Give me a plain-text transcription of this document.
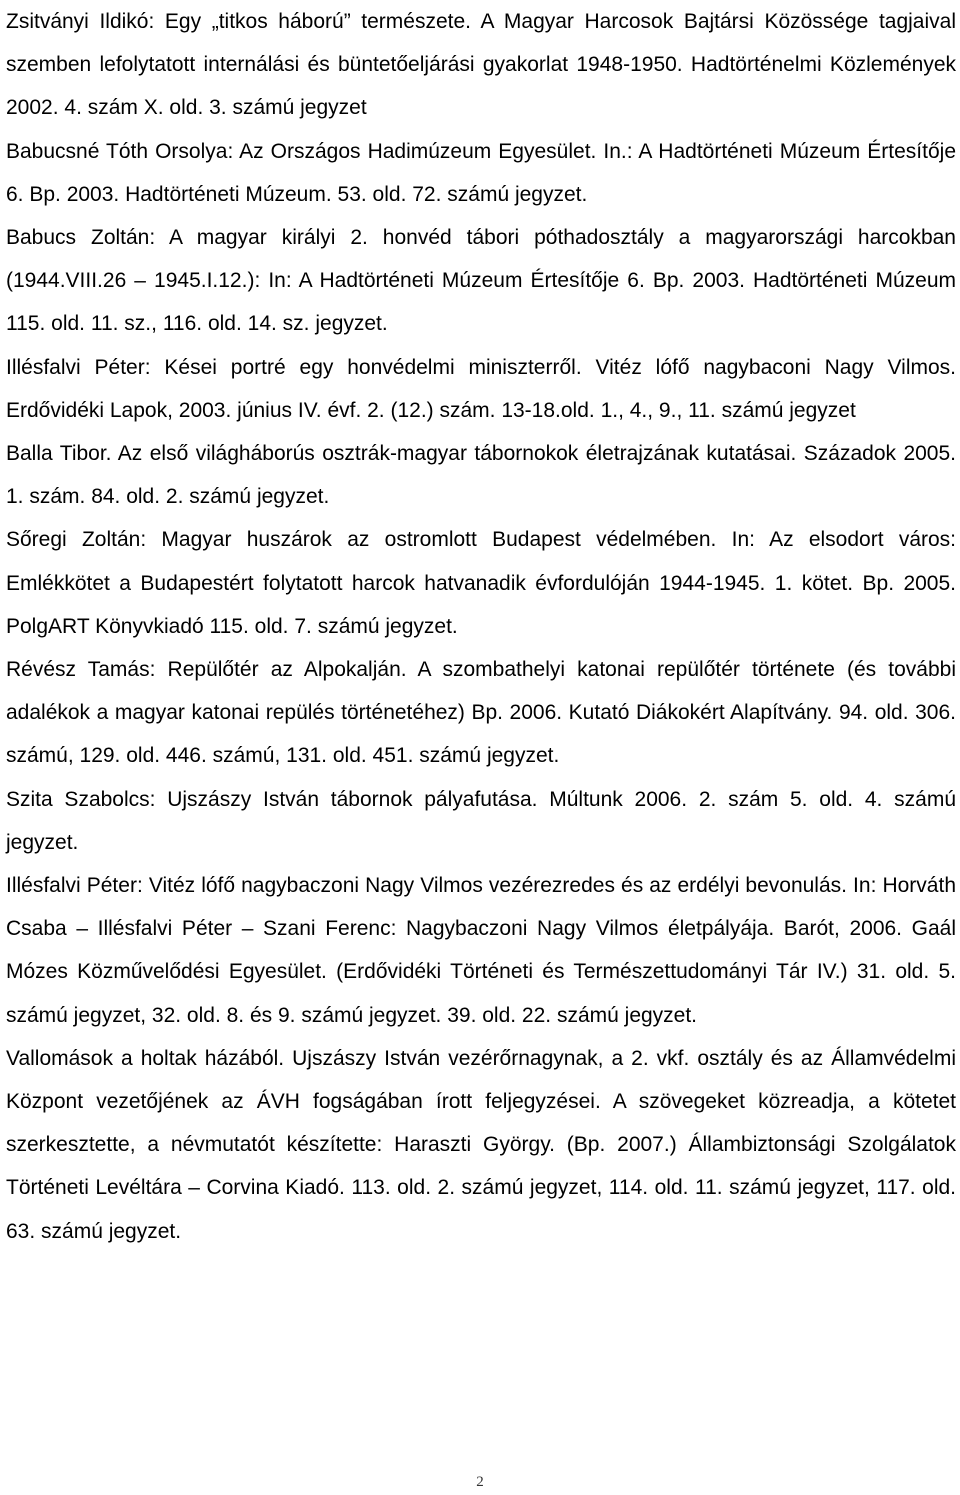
Zsitványi Ildikó: Egy „titkos háború” természete. A Magyar Harcosok Bajtársi Közössége tagjaival szemben lefolytatott internálási és büntetőeljárási gyakorlat 1948-1950. Hadtörténelmi Közlemények 2002. 4. szám X. old. 3. számú jegyzet

Babucsné Tóth Orsolya: Az Országos Hadimúzeum Egyesület. In.: A Hadtörténeti Múzeum Értesítője 6. Bp. 2003. Hadtörténeti Múzeum. 53. old. 72. számú jegyzet.

Babucs Zoltán: A magyar királyi 2. honvéd tábori póthadosztály a magyarországi harcokban (1944.VIII.26 – 1945.I.12.): In: A Hadtörténeti Múzeum Értesítője 6. Bp. 2003. Hadtörténeti Múzeum 115. old. 11. sz., 116. old. 14. sz. jegyzet.

Illésfalvi Péter: Kései portré egy honvédelmi miniszterről. Vitéz lófő nagybaconi Nagy Vilmos. Erdővidéki Lapok, 2003. június IV. évf. 2. (12.) szám. 13-18.old. 1., 4., 9., 11. számú jegyzet

Balla Tibor. Az első világháborús osztrák-magyar tábornokok életrajzának kutatásai. Századok 2005. 1. szám. 84. old. 2. számú jegyzet.

Sőregi Zoltán: Magyar huszárok az ostromlott Budapest védelmében. In: Az elsodort város: Emlékkötet a Budapestért folytatott harcok hatvanadik évfordulóján 1944-1945. 1. kötet. Bp. 2005. PolgART Könyvkiadó 115. old. 7. számú jegyzet.

Révész Tamás: Repülőtér az Alpokalján. A szombathelyi katonai repülőtér története (és további adalékok a magyar katonai repülés történetéhez) Bp. 2006. Kutató Diákokért Alapítvány. 94. old. 306. számú, 129. old. 446. számú, 131. old. 451. számú jegyzet.

Szita Szabolcs: Ujszászy István tábornok pályafutása. Múltunk 2006. 2. szám 5. old. 4. számú jegyzet.

Illésfalvi Péter: Vitéz lófő nagybaczoni Nagy Vilmos vezérezredes és az erdélyi bevonulás. In: Horváth Csaba – Illésfalvi Péter – Szani Ferenc: Nagybaczoni Nagy Vilmos életpályája. Barót, 2006. Gaál Mózes Közművelődési Egyesület. (Erdővidéki Történeti és Természettudományi Tár IV.) 31. old. 5. számú jegyzet, 32. old. 8. és 9. számú jegyzet. 39. old. 22. számú jegyzet.

Vallomások a holtak házából. Ujszászy István vezérőrnagynak, a 2. vkf. osztály és az Államvédelmi Központ vezetőjének az ÁVH fogságában írott feljegyzései. A szövegeket közreadja, a kötetet szerkesztette, a névmutatót készítette: Haraszti György. (Bp. 2007.) Állambiztonsági Szolgálatok Történeti Levéltára – Corvina Kiadó. 113. old. 2. számú jegyzet, 114. old. 11. számú jegyzet, 117. old. 63. számú jegyzet.

2
